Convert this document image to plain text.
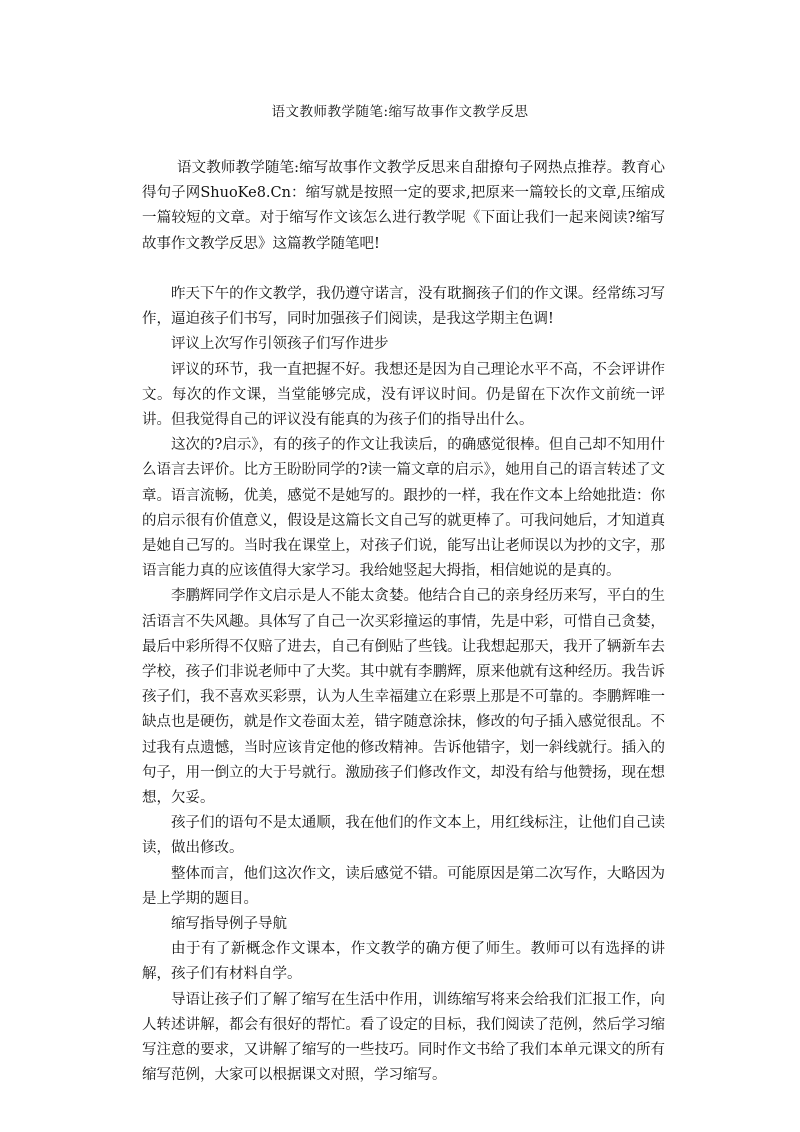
语文教师教学随笔:缩写故事作文教学反思

语文教师教学随笔:缩写故事作文教学反思来自甜撩句子网热点推荐。教育心得句子网ShuoKe8.Cn：缩写就是按照一定的要求,把原来一篇较长的文章,压缩成一篇较短的文章。对于缩写作文该怎么进行教学呢《下面让我们一起来阅读?缩写故事作文教学反思》这篇教学随笔吧!

昨天下午的作文教学，我仍遵守诺言，没有耽搁孩子们的作文课。经常练习写作，逼迫孩子们书写，同时加强孩子们阅读，是我这学期主色调!

评议上次写作引领孩子们写作进步

评议的环节，我一直把握不好。我想还是因为自己理论水平不高，不会评讲作文。每次的作文课，当堂能够完成，没有评议时间。仍是留在下次作文前统一评讲。但我觉得自己的评议没有能真的为孩子们的指导出什么。

这次的?启示》，有的孩子的作文让我读后，的确感觉很棒。但自己却不知用什么语言去评价。比方王盼盼同学的?读一篇文章的启示》，她用自己的语言转述了文章。语言流畅，优美，感觉不是她写的。跟抄的一样，我在作文本上给她批造：你的启示很有价值意义，假设是这篇长文自己写的就更棒了。可我问她后，才知道真是她自己写的。当时我在课堂上，对孩子们说，能写出让老师误以为抄的文字，那语言能力真的应该值得大家学习。我给她竖起大拇指，相信她说的是真的。

李鹏辉同学作文启示是人不能太贪婪。他结合自己的亲身经历来写，平白的生活语言不失风趣。具体写了自己一次买彩撞运的事情，先是中彩，可惜自己贪婪，最后中彩所得不仅赔了进去，自己有倒贴了些钱。让我想起那天，我开了辆新车去学校，孩子们非说老师中了大奖。其中就有李鹏辉，原来他就有这种经历。我告诉孩子们，我不喜欢买彩票，认为人生幸福建立在彩票上那是不可靠的。李鹏辉唯一缺点也是硬伤，就是作文卷面太差，错字随意涂抹，修改的句子插入感觉很乱。不过我有点遗憾，当时应该肯定他的修改精神。告诉他错字，划一斜线就行。插入的句子，用一倒立的大于号就行。激励孩子们修改作文，却没有给与他赞扬，现在想想，欠妥。

孩子们的语句不是太通顺，我在他们的作文本上，用红线标注，让他们自己读读，做出修改。

整体而言，他们这次作文，读后感觉不错。可能原因是第二次写作，大略因为是上学期的题目。

缩写指导例子导航

由于有了新概念作文课本，作文教学的确方便了师生。教师可以有选择的讲解，孩子们有材料自学。

导语让孩子们了解了缩写在生活中作用，训练缩写将来会给我们汇报工作，向人转述讲解，都会有很好的帮忙。看了设定的目标，我们阅读了范例，然后学习缩写注意的要求，又讲解了缩写的一些技巧。同时作文书给了我们本单元课文的所有缩写范例，大家可以根据课文对照，学习缩写。
